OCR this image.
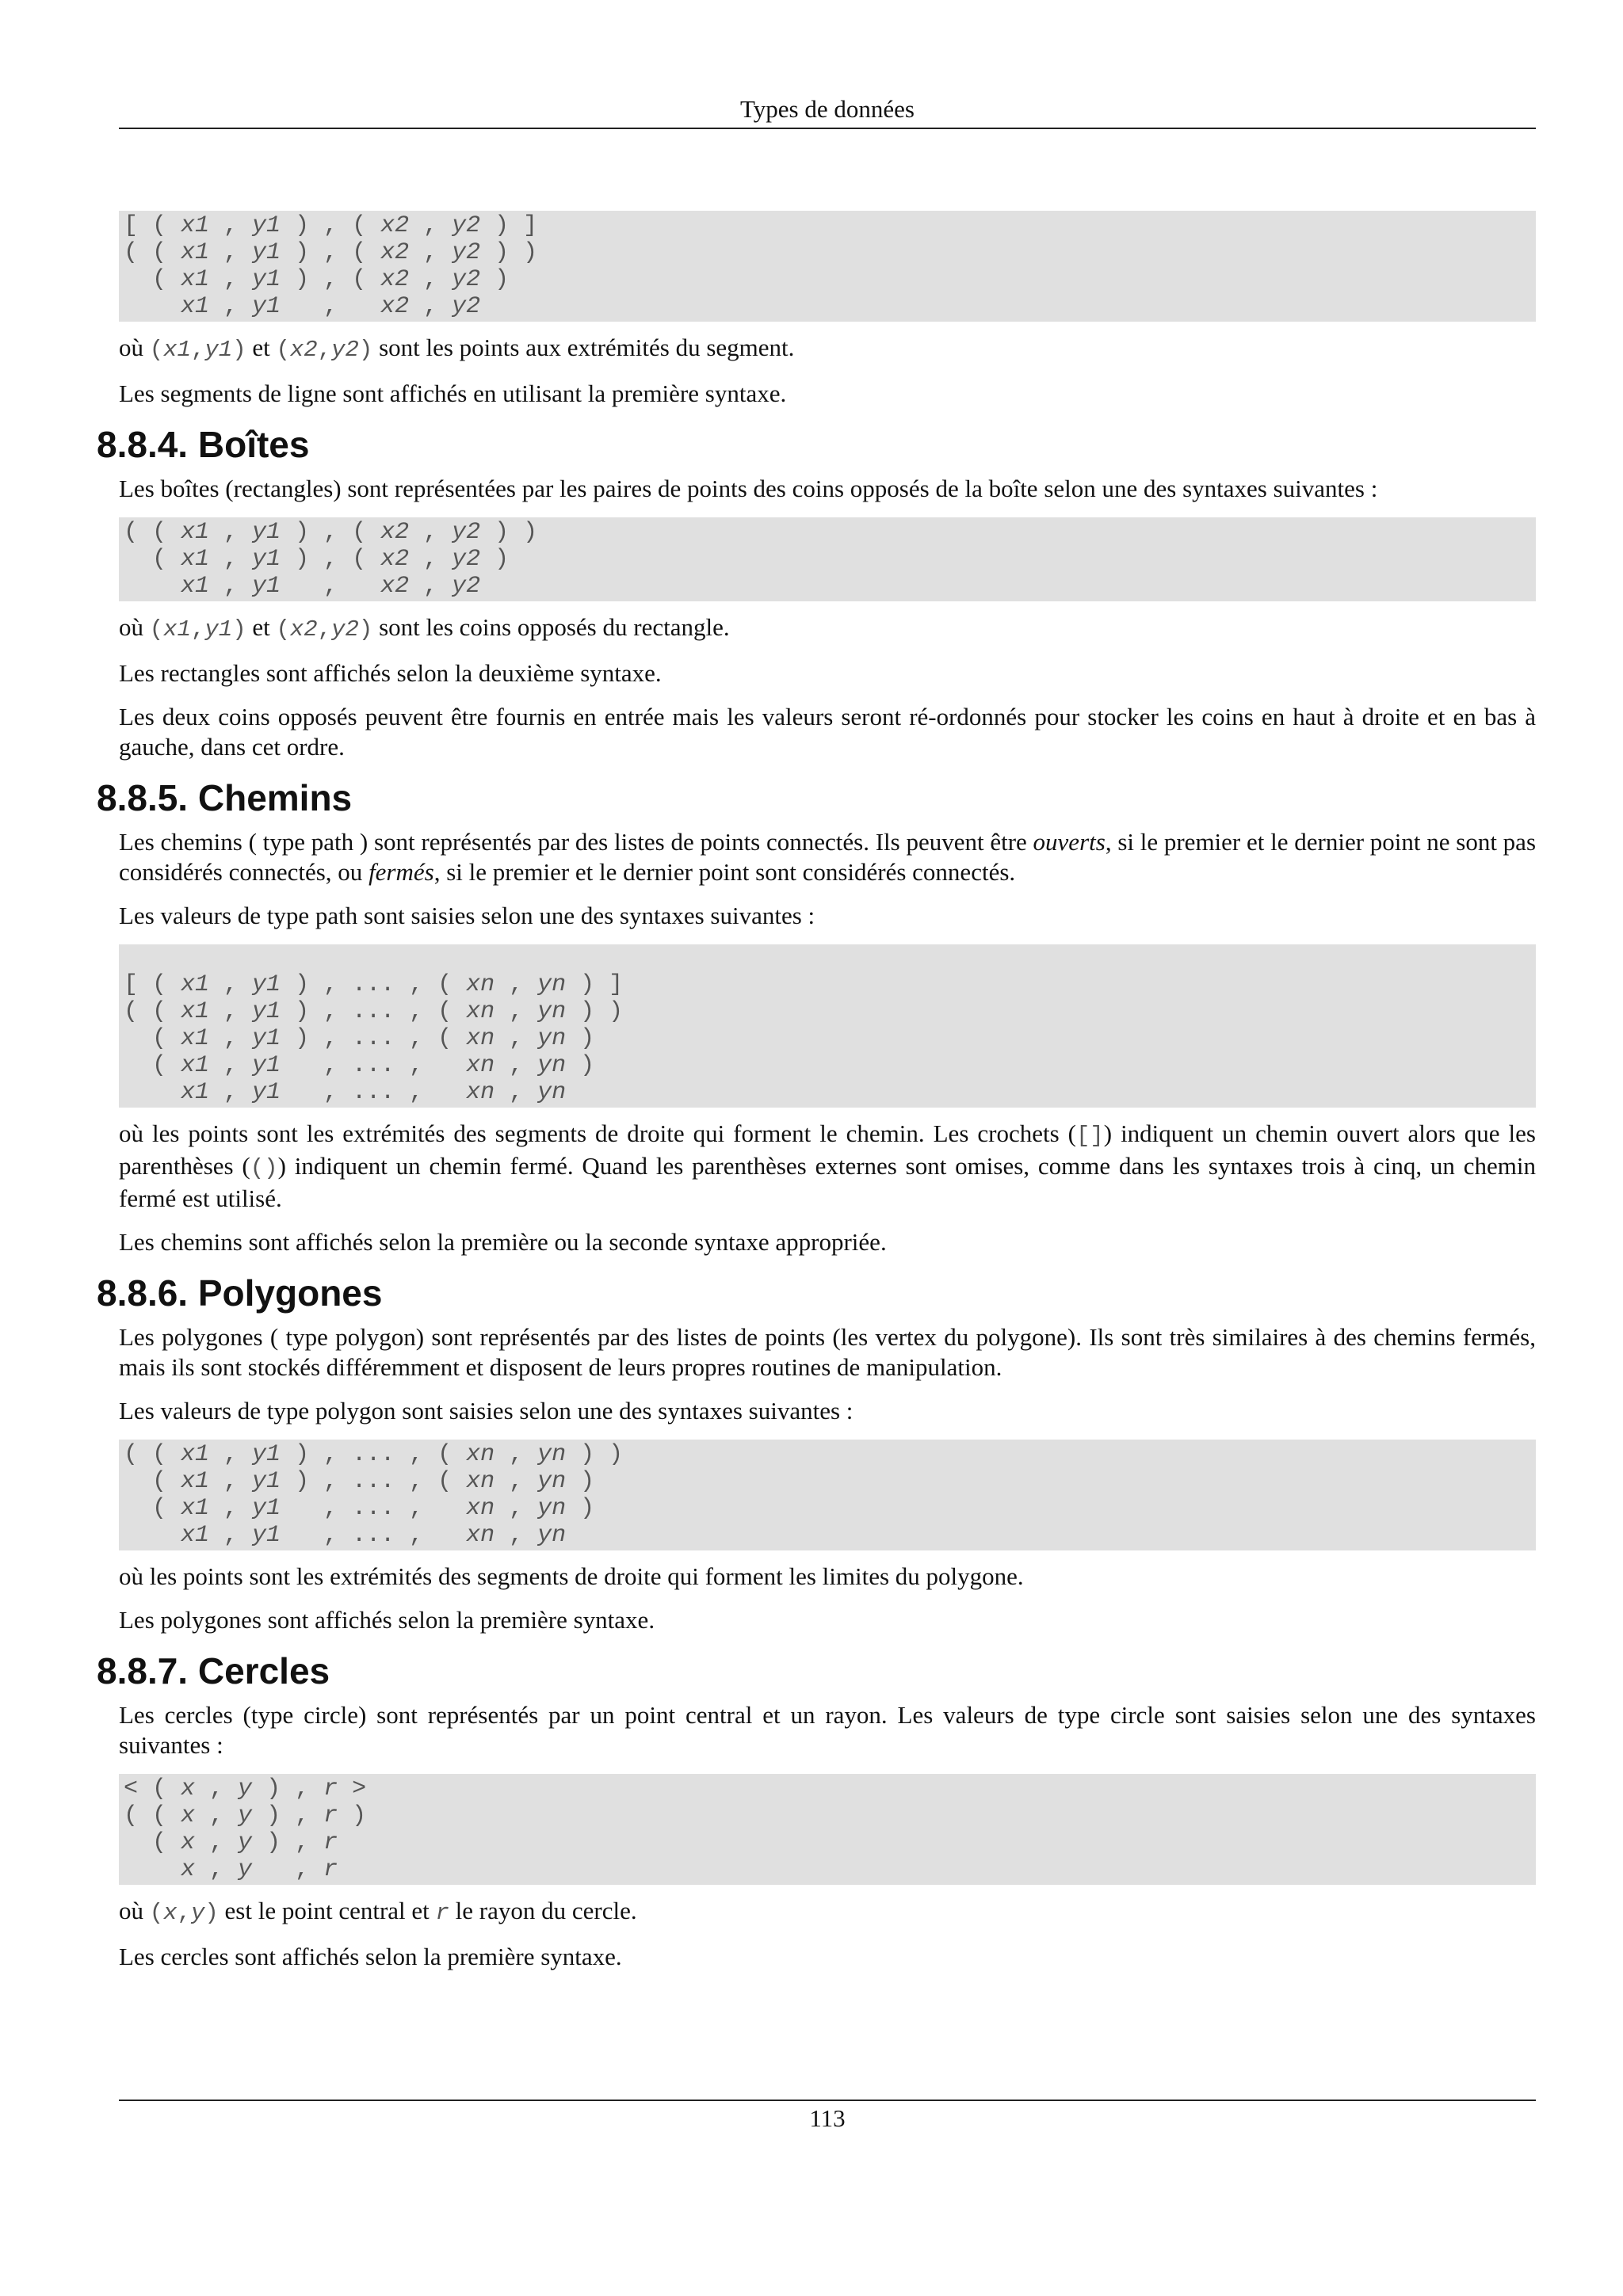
Types de données
[ ( x1 , y1 ) , ( x2 , y2 ) ]
( ( x1 , y1 ) , ( x2 , y2 ) )
( x1 , y1 ) , ( x2 , y2 )
x1 , y1   ,   x2 , y2

où (x1,y1) et (x2,y2) sont les points aux extrémités du segment.

Les segments de ligne sont affichés en utilisant la première syntaxe.

8.8.4. Boîtes

Les boîtes (rectangles) sont représentées par les paires de points des coins opposés de la boîte selon une des syntaxes suivantes :

( ( x1 , y1 ) , ( x2 , y2 ) )
( x1 , y1 ) , ( x2 , y2 )
x1 , y1   ,   x2 , y2

où (x1,y1) et (x2,y2) sont les coins opposés du rectangle.

Les rectangles sont affichés selon la deuxième syntaxe.

Les deux coins opposés peuvent être fournis en entrée mais les valeurs seront ré-ordonnés pour stocker les coins en haut à droite et en bas à gauche, dans cet ordre.

8.8.5. Chemins

Les chemins ( type path ) sont représentés par des listes de points connectés. Ils peuvent être ouverts, si le premier et le dernier point ne sont pas considérés connectés, ou fermés, si le premier et le dernier point sont considérés connectés.

Les valeurs de type path sont saisies selon une des syntaxes suivantes :

[ ( x1 , y1 ) , ... , ( xn , yn ) ]
( ( x1 , y1 ) , ... , ( xn , yn ) )
( x1 , y1 ) , ... , ( xn , yn )
( x1 , y1   , ... ,   xn , yn )
x1 , y1   , ... ,   xn , yn

où les points sont les extrémités des segments de droite qui forment le chemin. Les crochets ([]) indiquent un chemin ouvert alors que les parenthèses (()) indiquent un chemin fermé. Quand les parenthèses externes sont omises, comme dans les syntaxes trois à cinq, un chemin fermé est utilisé.

Les chemins sont affichés selon la première ou la seconde syntaxe appropriée.

8.8.6. Polygones

Les polygones ( type polygon) sont représentés par des listes de points (les vertex du polygone). Ils sont très similaires à des chemins fermés, mais ils sont stockés différemment et disposent de leurs propres routines de manipulation.

Les valeurs de type polygon sont saisies selon une des syntaxes suivantes :

( ( x1 , y1 ) , ... , ( xn , yn ) )
( x1 , y1 ) , ... , ( xn , yn )
( x1 , y1   , ... ,   xn , yn )
x1 , y1   , ... ,   xn , yn

où les points sont les extrémités des segments de droite qui forment les limites du polygone.

Les polygones sont affichés selon la première syntaxe.

8.8.7. Cercles

Les cercles (type circle) sont représentés par un point central et un rayon. Les valeurs de type circle sont saisies selon une des syntaxes suivantes :

< ( x , y ) , r >
( ( x , y ) , r )
( x , y ) , r
x , y   , r

où (x,y) est le point central et r le rayon du cercle.

Les cercles sont affichés selon la première syntaxe.

113
